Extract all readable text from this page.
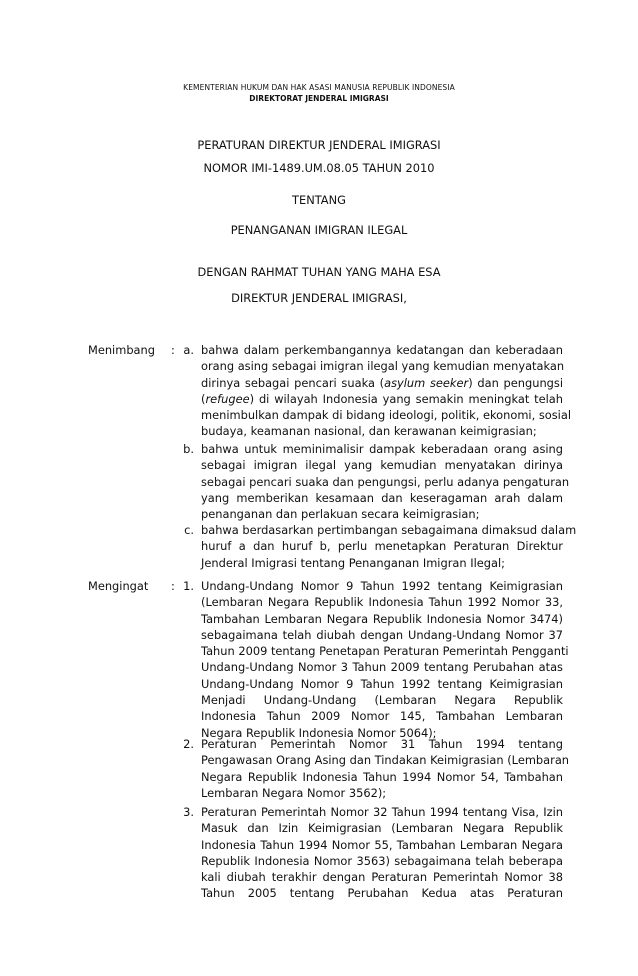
KEMENTERIAN HUKUM DAN HAK ASASI MANUSIA REPUBLIK INDONESIA
DIREKTORAT JENDERAL IMIGRASI
PERATURAN DIREKTUR JENDERAL IMIGRASI
NOMOR IMI-1489.UM.08.05 TAHUN 2010
TENTANG
PENANGANAN IMIGRAN ILEGAL
DENGAN RAHMAT TUHAN YANG MAHA ESA
DIREKTUR JENDERAL IMIGRASI,
Menimbang : a. bahwa dalam perkembangannya kedatangan dan keberadaan
orang asing sebagai imigran ilegal yang kemudian menyatakan
dirinya sebagai pencari suaka (asylum seeker) dan pengungsi
(refugee) di wilayah Indonesia yang semakin meningkat telah
menimbulkan dampak di bidang ideologi, politik, ekonomi, sosial
budaya, keamanan nasional, dan kerawanan keimigrasian;
b. bahwa untuk meminimalisir dampak keberadaan orang asing
sebagai imigran ilegal yang kemudian menyatakan dirinya
sebagai pencari suaka dan pengungsi, perlu adanya pengaturan
yang memberikan kesamaan dan keseragaman arah dalam
penanganan dan perlakuan secara keimigrasian;
c. bahwa berdasarkan pertimbangan sebagaimana dimaksud dalam
huruf a dan huruf b, perlu menetapkan Peraturan Direktur
Jenderal Imigrasi tentang Penanganan Imigran Ilegal;
Mengingat : 1. Undang-Undang Nomor 9 Tahun 1992 tentang Keimigrasian
(Lembaran Negara Republik Indonesia Tahun 1992 Nomor 33,
Tambahan Lembaran Negara Republik Indonesia Nomor 3474)
sebagaimana telah diubah dengan Undang-Undang Nomor 37
Tahun 2009 tentang Penetapan Peraturan Pemerintah Pengganti
Undang-Undang Nomor 3 Tahun 2009 tentang Perubahan atas
Undang-Undang Nomor 9 Tahun 1992 tentang Keimigrasian
Menjadi Undang-Undang (Lembaran Negara Republik
Indonesia Tahun 2009 Nomor 145, Tambahan Lembaran
Negara Republik Indonesia Nomor 5064);
2. Peraturan Pemerintah Nomor 31 Tahun 1994 tentang
Pengawasan Orang Asing dan Tindakan Keimigrasian (Lembaran
Negara Republik Indonesia Tahun 1994 Nomor 54, Tambahan
Lembaran Negara Nomor 3562);
3. Peraturan Pemerintah Nomor 32 Tahun 1994 tentang Visa, Izin
Masuk dan Izin Keimigrasian (Lembaran Negara Republik
Indonesia Tahun 1994 Nomor 55, Tambahan Lembaran Negara
Republik Indonesia Nomor 3563) sebagaimana telah beberapa
kali diubah terakhir dengan Peraturan Pemerintah Nomor 38
Tahun 2005 tentang Perubahan Kedua atas Peraturan
